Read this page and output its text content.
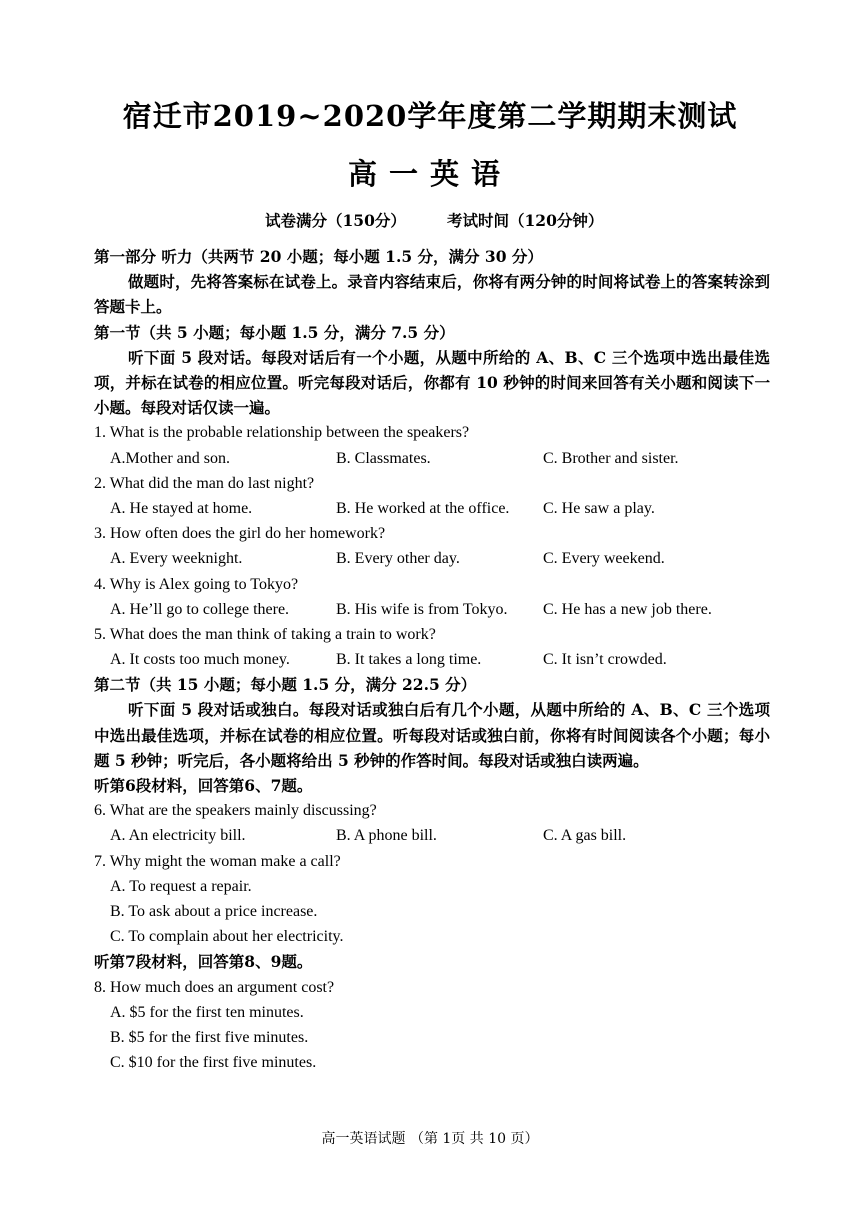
宿迁市2019~2020学年度第二学期期末测试
高一英语
试卷满分（150分）	考试时间（120分钟）
第一部分 听力（共两节 20 小题；每小题 1.5 分，满分 30 分）

做题时，先将答案标在试卷上。录音内容结束后，你将有两分钟的时间将试卷上的答案转涂到答题卡上。

第一节（共 5 小题；每小题 1.5 分，满分 7.5 分）

听下面 5 段对话。每段对话后有一个小题，从题中所给的 A、B、C 三个选项中选出最佳选项，并标在试卷的相应位置。听完每段对话后，你都有 10 秒钟的时间来回答有关小题和阅读下一小题。每段对话仅读一遍。

1. What is the probable relationship between the speakers?
A.Mother and son.	B. Classmates.	C. Brother and sister.
2. What did the man do last night?
A. He stayed at home.	B. He worked at the office. C. He saw a play.
3. How often does the girl do her homework?
A. Every weeknight.	B. Every other day.	C. Every weekend.
4. Why is Alex going to Tokyo?
A. He’ll go to college there.	B. His wife is from Tokyo. C. He has a new job there.
5. What does the man think of taking a train to work?
A. It costs too much money.	B. It takes a long time.	C. It isn’t crowded.
第二节（共 15 小题；每小题 1.5 分，满分 22.5 分）

听下面 5 段对话或独白。每段对话或独白后有几个小题，从题中所给的 A、B、C 三个选项中选出最佳选项，并标在试卷的相应位置。听每段对话或独白前，你将有时间阅读各个小题；每小题 5 秒钟；听完后，各小题将给出 5 秒钟的作答时间。每段对话或独白读两遍。

听第6段材料，回答第6、7题。
6. What are the speakers mainly discussing?
A. An electricity bill.	B. A phone bill.	C. A gas bill.
7. Why might the woman make a call?
A. To request a repair.
B. To ask about a price increase.
C. To complain about her electricity.
听第7段材料，回答第8、9题。
8. How much does an argument cost?
A. $5 for the first ten minutes.
B. $5 for the first five minutes.
C. $10 for the first five minutes.
高一英语试题 （第 1页 共 10 页）
